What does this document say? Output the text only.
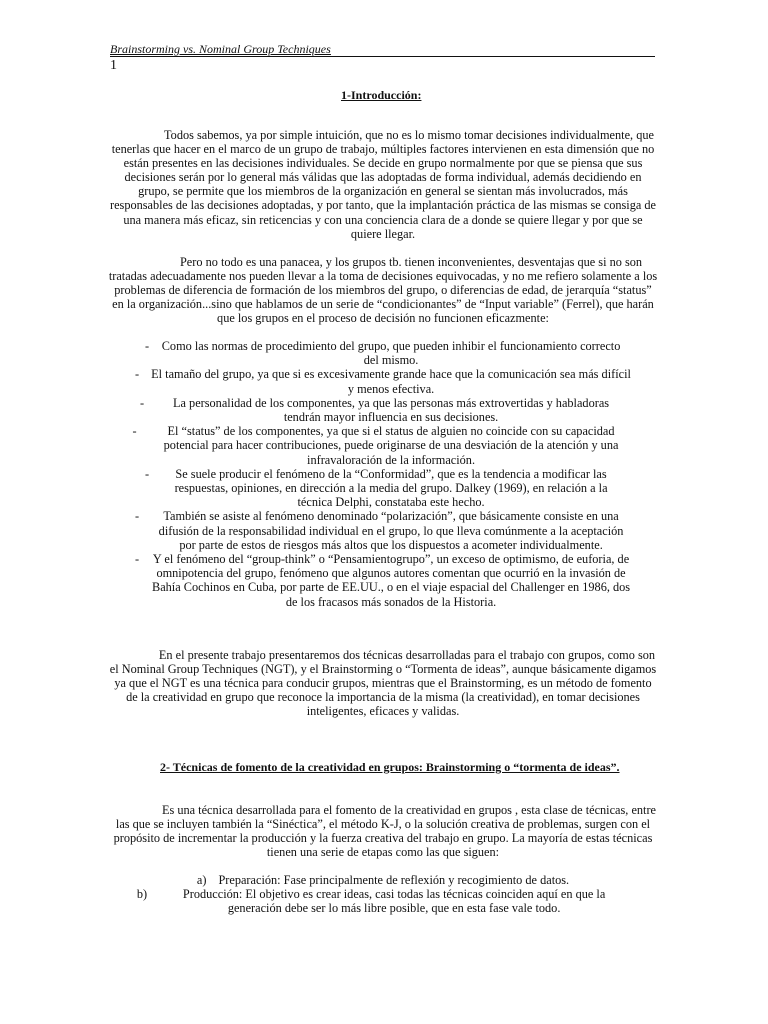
Brainstorming vs. Nominal Group Techniques
1
1-Introducción:
Todos sabemos, ya por simple intuición, que no es lo mismo tomar decisiones individualmente, que tenerlas que hacer en el marco de un grupo de trabajo, múltiples factores intervienen en esta dimensión que no están presentes en las decisiones individuales. Se decide en grupo normalmente por que se piensa que sus decisiones serán por lo general más válidas que las adoptadas de forma individual, además decidiendo en grupo, se permite que los miembros de la organización en general se sientan más involucrados, más responsables de las decisiones adoptadas, y por tanto, que la implantación práctica de las mismas se consiga de una manera más eficaz, sin reticencias y con una conciencia clara de a donde se quiere llegar y por que se quiere llegar.
Pero no todo es una panacea, y los grupos tb. tienen inconvenientes, desventajas que si no son tratadas adecuadamente nos pueden llevar a la toma de decisiones equivocadas, y no me refiero solamente a los problemas de diferencia de formación de los miembros del grupo, o diferencias de edad, de jerarquía “status” en la organización...sino que hablamos de un serie de “condicionantes” de “Input variable” (Ferrel), que harán que los grupos en el proceso de decisión no funcionen eficazmente:
- Como las normas de procedimiento del grupo, que pueden inhibir el funcionamiento correcto del mismo.
- El tamaño del grupo, ya que si es excesivamente grande hace que la comunicación sea más difícil y menos efectiva.
-	La personalidad de los componentes, ya que las personas más extrovertidas y habladoras tendrán mayor influencia en sus decisiones.
-	El “status” de los componentes, ya que si el status de alguien no coincide con su capacidad potencial para hacer contribuciones, puede originarse de una desviación de la atención y una infravaloración de la información.
-	Se suele producir el fenómeno de la “Conformidad”, que es la tendencia a modificar las respuestas, opiniones, en dirección a la media del grupo. Dalkey (1969), en relación a la técnica Delphi, constataba este hecho.
-	También se asiste al fenómeno denominado “polarización”, que básicamente consiste en una difusión de la responsabilidad individual en el grupo, lo que lleva comúnmente a la aceptación por parte de estos de riesgos más altos que los dispuestos a acometer individualmente.
- Y el fenómeno del “group-think” o “Pensamientogrupo”, un exceso de optimismo, de euforia, de omnipotencia del grupo, fenómeno que algunos autores comentan que ocurrió en la invasión de Bahía Cochinos en Cuba, por parte de EE.UU., o en el viaje espacial del Challenger en 1986, dos de los fracasos más sonados de la Historia.
En el presente trabajo presentaremos dos técnicas desarrolladas para el trabajo con grupos, como son el Nominal Group Techniques (NGT), y el Brainstorming o “Tormenta de ideas”, aunque básicamente digamos ya que el NGT es una técnica para conducir grupos, mientras que el Brainstorming, es un método de fomento de la creatividad en grupo que reconoce la importancia de la misma (la creatividad), en tomar decisiones inteligentes, eficaces y validas.
2- Técnicas de fomento de la creatividad en grupos: Brainstorming o “tormenta de ideas”.
Es una técnica desarrollada para el fomento de la creatividad en grupos , esta clase de técnicas, entre las que se incluyen también la “Sinéctica”, el método K-J, o la solución creativa de problemas, surgen con el propósito de incrementar la producción y la fuerza creativa del trabajo en grupo. La mayoría de estas técnicas tienen una serie de etapas como las que siguen:
a) Preparación: Fase principalmente de reflexión y recogimiento de datos.
b)	Producción: El objetivo es crear ideas, casi todas las técnicas coinciden aquí en que la generación debe ser lo más libre posible, que en esta fase vale todo.
